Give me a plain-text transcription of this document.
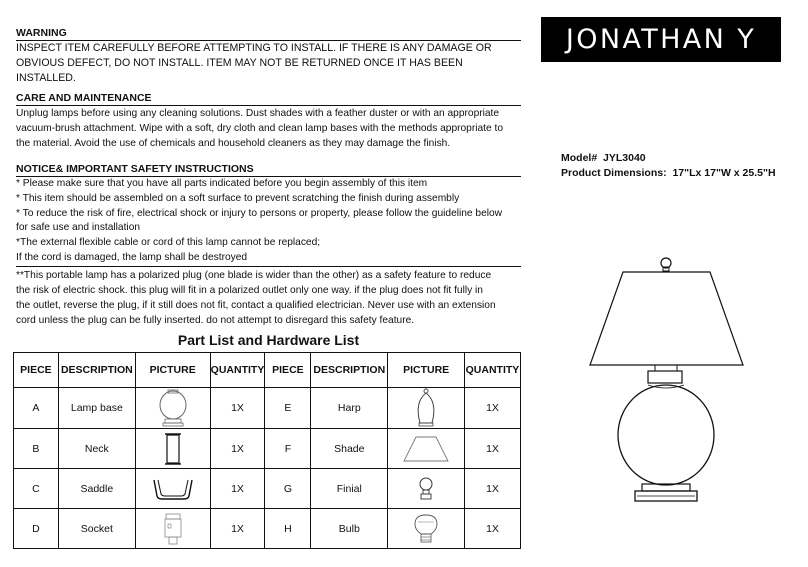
WARNING
INSPECT ITEM CAREFULLY BEFORE ATTEMPTING TO INSTALL. IF THERE IS ANY DAMAGE OR
OBVIOUS DEFECT, DO NOT INSTALL. ITEM MAY NOT BE RETURNED ONCE IT HAS BEEN INSTALLED.
CARE AND MAINTENANCE
Unplug lamps before using any cleaning solutions. Dust shades with a feather duster or with an appropriate
vacuum-brush attachment. Wipe with a soft, dry cloth and clean lamp bases with the methods appropriate to
the material. Avoid the use of chemicals and household cleaners as they may damage the finish.
NOTICE& IMPORTANT SAFETY INSTRUCTIONS
* Please make sure that you have all parts indicated before you begin assembly of this item
* This item should be assembled on a soft surface to prevent scratching the finish during assembly
* To reduce the risk of fire, electrical shock or injury to persons or property, please follow the guideline below
for safe use and installation
*The external flexible cable or cord of this lamp cannot be replaced;
If the cord is damaged, the lamp shall be destroyed
**This portable lamp has a polarized plug (one blade is wider than the other) as a safety feature to reduce
the risk of electric shock. this plug will fit in a polarized outlet only one way. if the plug does not fit fully in
the outlet, reverse the plug, if it still does not fit, contact a qualified electrician. Never use with an extension
cord unless the plug can be fully inserted. do not attempt to disregard this safety feature.
JONATHAN Y
Model# JYL3040
Product Dimensions: 17"Lx 17"W x 25.5"H
Part List and Hardware List
PIECE	DESCRIPTION	PICTURE	QUANTITY	PIECE	DESCRIPTION	PICTURE	QUANTITY
A	Lamp base		1X	E	Harp		1X
B	Neck		1X	F	Shade		1X
C	Saddle		1X	G	Finial		1X
D	Socket		1X	H	Bulb		1X
